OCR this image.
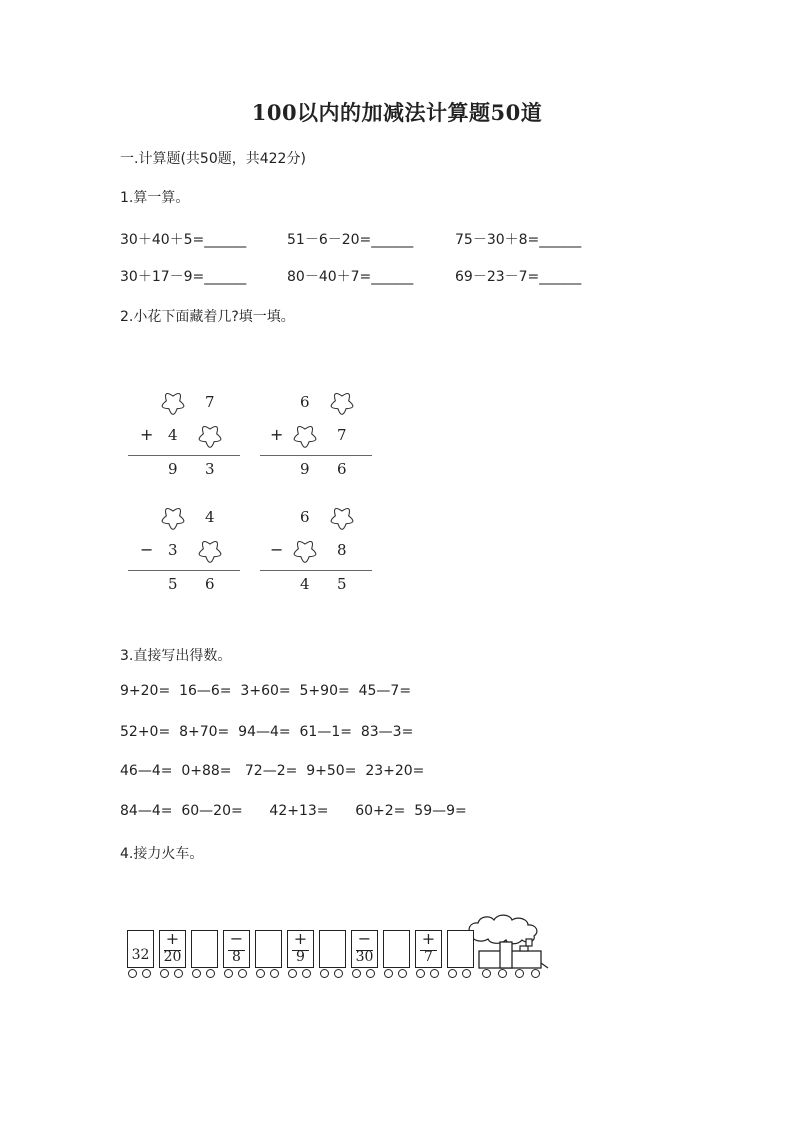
100以内的加减法计算题50道
一.计算题(共50题，共422分)
1.算一算。
30＋40＋5=______	51－6－20=______	75－30＋8=______
30＋17－9=______	80－40＋7=______	69－23－7=______
2.小花下面藏着几?填一填。
7
+ 4
9 3
6
+	7
9 6
4
− 3
5 6
6
−	8
4 5
3.直接写出得数。
9+20=  16—6=  3+60=  5+90=  45—7=
52+0=  8+70=  94—4=  61—1=  83—3=
46—4=  0+88=   72—2=  9+50=  23+20=
84—4=  60—20=      42+13=      60+2=  59—9=
4.接力火车。
32
+
20
−
8
+
9
−
30
+
7
